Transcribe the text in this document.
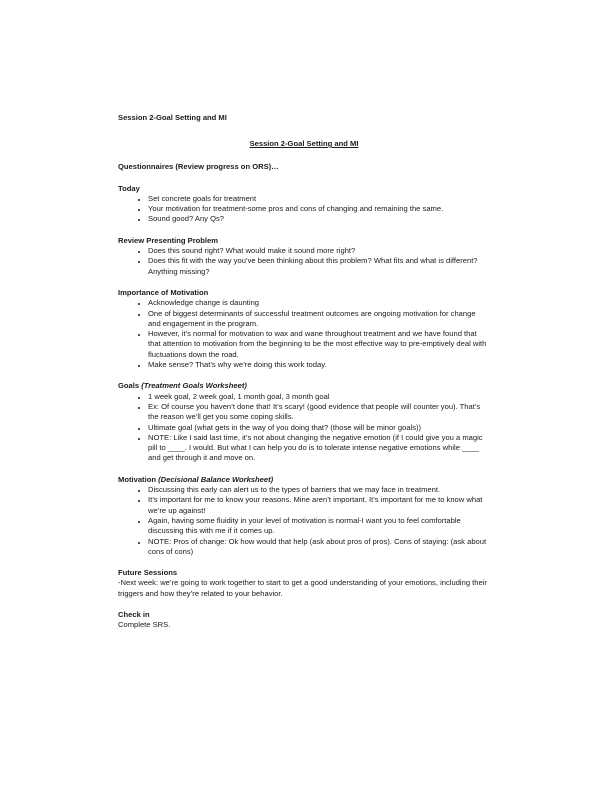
Session 2-Goal Setting and MI

Session 2-Goal Setting and MI

Questionnaires (Review progress on ORS)…

Today

• Set concrete goals for treatment
• Your motivation for treatment-some pros and cons of changing and remaining the same.
• Sound good? Any Qs?

Review Presenting Problem

• Does this sound right? What would make it sound more right?
• Does this fit with the way you’ve been thinking about this problem? What fits and what is different? Anything missing?

Importance of Motivation

• Acknowledge change is daunting
• One of biggest determinants of successful treatment outcomes are ongoing motivation for change and engagement in the program.
• However, it’s normal for motivation to wax and wane throughout treatment and we have found that that attention to motivation from the beginning to be the most effective way to pre-emptively deal with fluctuations down the road.
• Make sense? That’s why we’re doing this work today.

Goals (Treatment Goals Worksheet)

• 1 week goal, 2 week goal, 1 month goal, 3 month goal
• Ex: Of course you haven’t done that! It’s scary! (good evidence that people will counter you). That’s the reason we’ll get you some coping skills.
• Ultimate goal (what gets in the way of you doing that? (those will be minor goals))
• NOTE: Like I said last time, it’s not about changing the negative emotion (if I could give you a magic pill to ____. I would. But what I can help you do is to tolerate intense negative emotions while ____ and get through it and move on.

Motivation (Decisional Balance Worksheet)

• Discussing this early can alert us to the types of barriers that we may face in treatment.
• It’s important for me to know your reasons. Mine aren’t important. It’s important for me to know what we’re up against!
• Again, having some fluidity in your level of motivation is normal-I want you to feel comfortable discussing this with me if it comes up.
• NOTE: Pros of change: Ok how would that help (ask about pros of pros). Cons of staying: (ask about cons of cons)

Future Sessions

-Next week: we’re going to work together to start to get a good understanding of your emotions, including their triggers and how they’re related to your behavior.

Check in

Complete SRS.
